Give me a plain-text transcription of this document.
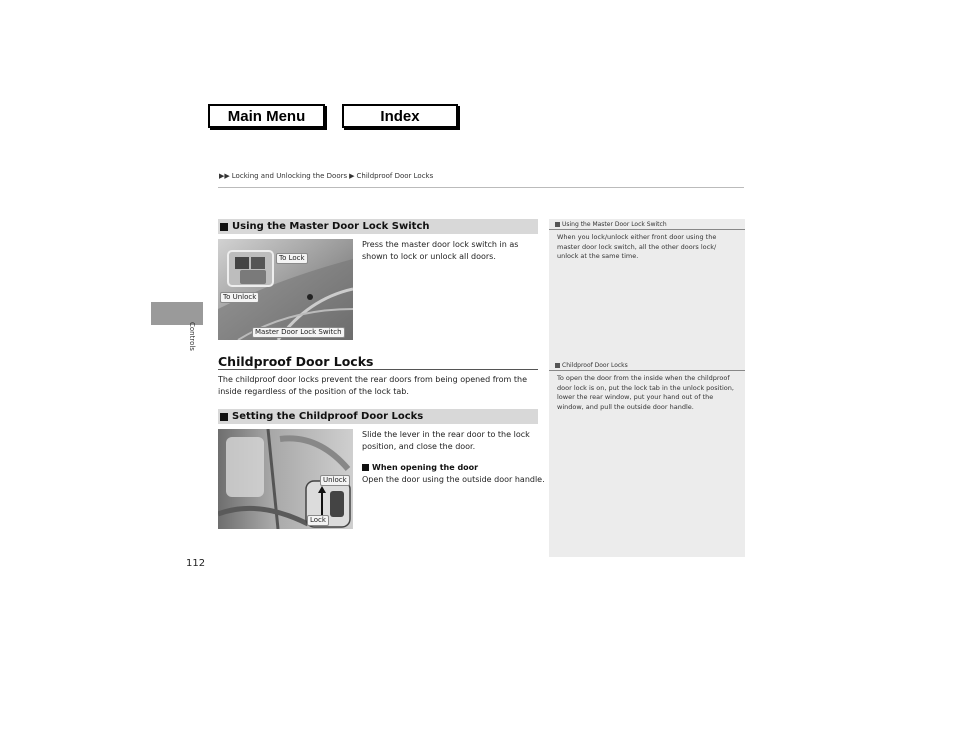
Main Menu	Index
▶▶ Locking and Unlocking the Doors ▶ Childproof Door Locks
Controls
112
Using the Master Door Lock Switch
To Lock
To Unlock
Master Door Lock Switch
Press the master door lock switch in as shown to lock or unlock all doors.
Childproof Door Locks
The childproof door locks prevent the rear doors from being opened from the inside regardless of the position of the lock tab.
Setting the Childproof Door Locks
Unlock
Lock
Slide the lever in the rear door to the lock position, and close the door.
When opening the door
Open the door using the outside door handle.
Using the Master Door Lock Switch
When you lock/unlock either front door using the master door lock switch, all the other doors lock/ unlock at the same time.
Childproof Door Locks
To open the door from the inside when the childproof door lock is on, put the lock tab in the unlock position, lower the rear window, put your hand out of the window, and pull the outside door handle.
